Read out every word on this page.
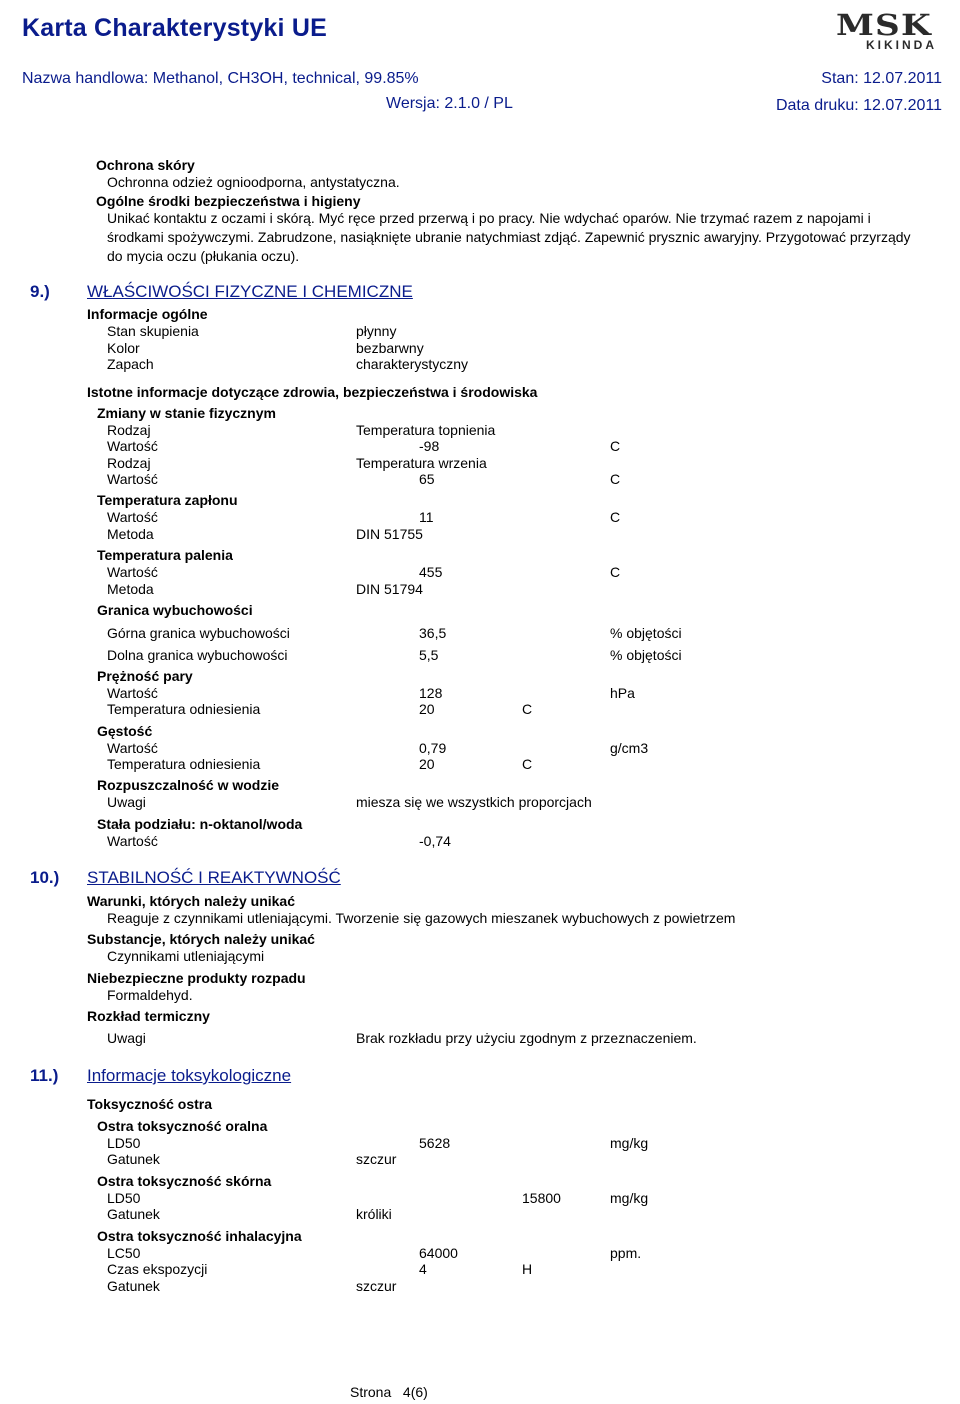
Karta Charakterystyki UE	MSK
KIKINDA
Nazwa handlowa: Methanol, CH3OH, technical, 99.85%	Stan: 12.07.2011
Wersja: 2.1.0 / PL	Data druku: 12.07.2011
Ochrona skóry
Ochronna odzież ognioodporna, antystatyczna.
Ogólne środki bezpieczeństwa i higieny
Unikać kontaktu z oczami i skórą. Myć ręce przed przerwą i po pracy. Nie wdychać oparów. Nie trzymać razem z napojami i
środkami spożywczymi. Zabrudzone, nasiąknięte ubranie natychmiast zdjąć. Zapewnić prysznic awaryjny. Przygotować przyrządy
do mycia oczu (płukania oczu).
9.) WŁAŚCIWOŚCI FIZYCZNE I CHEMICZNE
Informacje ogólne
Stan skupienia	płynny
Kolor	bezbarwny
Zapach	charakterystyczny
Istotne informacje dotyczące zdrowia, bezpieczeństwa i środowiska
Zmiany w stanie fizycznym
Rodzaj	Temperatura topnienia
Wartość	-98	C
Rodzaj	Temperatura wrzenia
Wartość	65	C
Temperatura zapłonu
Wartość	11	C
Metoda	DIN 51755
Temperatura palenia
Wartość	455	C
Metoda	DIN 51794
Granica wybuchowości
Górna granica wybuchowości	36,5	% objętości
Dolna granica wybuchowości	5,5	% objętości
Prężność pary
Wartość	128	hPa
Temperatura odniesienia	20	C
Gęstość
Wartość	0,79	g/cm3
Temperatura odniesienia	20	C
Rozpuszczalność w wodzie
Uwagi	miesza się we wszystkich proporcjach
Stała podziału: n-oktanol/woda
Wartość	-0,74
10.) STABILNOŚĆ I REAKTYWNOŚĆ
Warunki, których należy unikać
Reaguje z czynnikami utleniającymi. Tworzenie się gazowych mieszanek wybuchowych z powietrzem
Substancje, których należy unikać
Czynnikami utleniającymi
Niebezpieczne produkty rozpadu
Formaldehyd.
Rozkład termiczny
Uwagi	Brak rozkładu przy użyciu zgodnym z przeznaczeniem.
11.) Informacje toksykologiczne
Toksyczność ostra
Ostra toksyczność oralna
LD50	5628	mg/kg
Gatunek	szczur
Ostra toksyczność skórna
LD50	15800	mg/kg
Gatunek	króliki
Ostra toksyczność inhalacyjna
LC50	64000	ppm.
Czas ekspozycji	4	H
Gatunek	szczur
Strona 4(6)
